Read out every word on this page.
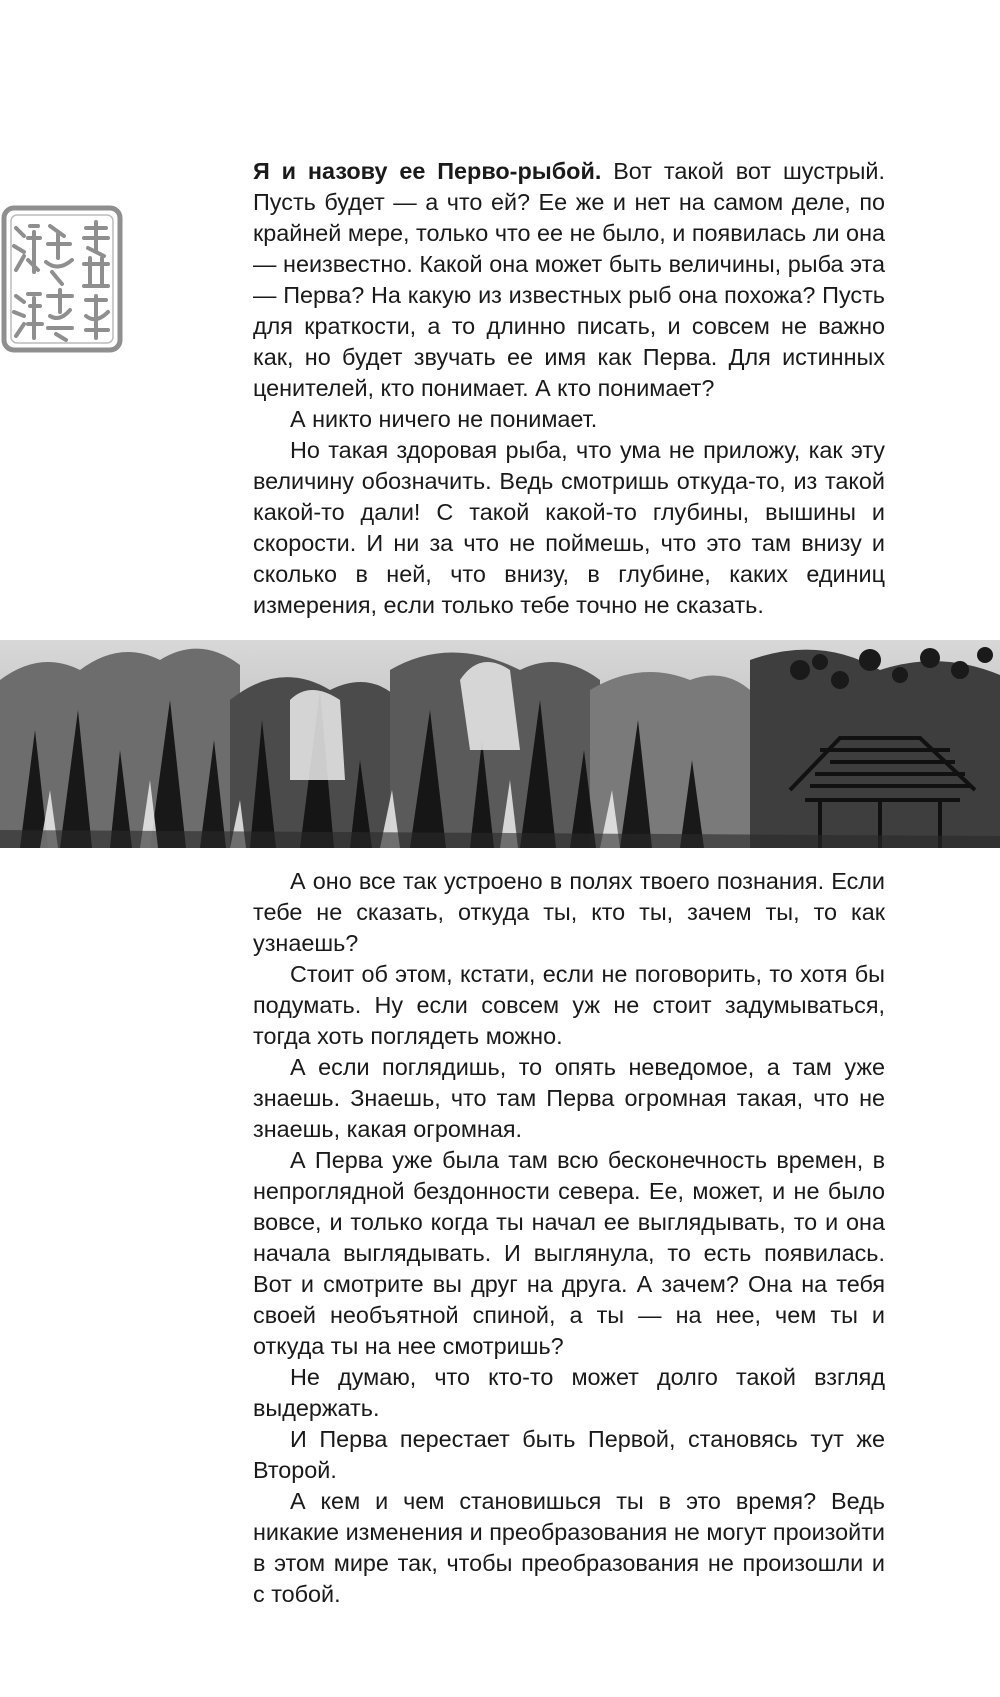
Я и назову ее Перво-рыбой. Вот такой вот шустрый. Пусть будет — а что ей? Ее же и нет на самом деле, по крайней мере, только что ее не было, и появилась ли она — неизвестно. Какой она может быть величины, рыба эта — Перва? На какую из известных рыб она похожа? Пусть для краткости, а то длинно писать, и совсем не важно как, но будет звучать ее имя как Перва. Для истинных ценителей, кто понимает. А кто понимает?

А никто ничего не понимает.

Но такая здоровая рыба, что ума не приложу, как эту величину обозначить. Ведь смотришь откуда-то, из такой какой-то дали! С такой какой-то глубины, вышины и скорости. И ни за что не поймешь, что это там внизу и сколько в ней, что внизу, в глубине, каких единиц измерения, если только тебе точно не сказать.

А оно все так устроено в полях твоего познания. Если тебе не сказать, откуда ты, кто ты, зачем ты, то как узнаешь?

Стоит об этом, кстати, если не поговорить, то хотя бы подумать. Ну если совсем уж не стоит задумываться, тогда хоть поглядеть можно.

А если поглядишь, то опять неведомое, а там уже знаешь. Знаешь, что там Перва огромная такая, что не знаешь, какая огромная.

А Перва уже была там всю бесконечность времен, в непроглядной бездонности севера. Ее, может, и не было вовсе, и только когда ты начал ее выглядывать, то и она начала выглядывать. И выглянула, то есть появилась. Вот и смотрите вы друг на друга. А зачем? Она на тебя своей необъятной спиной, а ты — на нее, чем ты и откуда ты на нее смотришь?

Не думаю, что кто-то может долго такой взгляд выдержать.

И Перва перестает быть Первой, становясь тут же Второй.

А кем и чем становишься ты в это время? Ведь никакие изменения и преобразования не могут произойти в этом мире так, чтобы преобразования не произошли и с тобой.
